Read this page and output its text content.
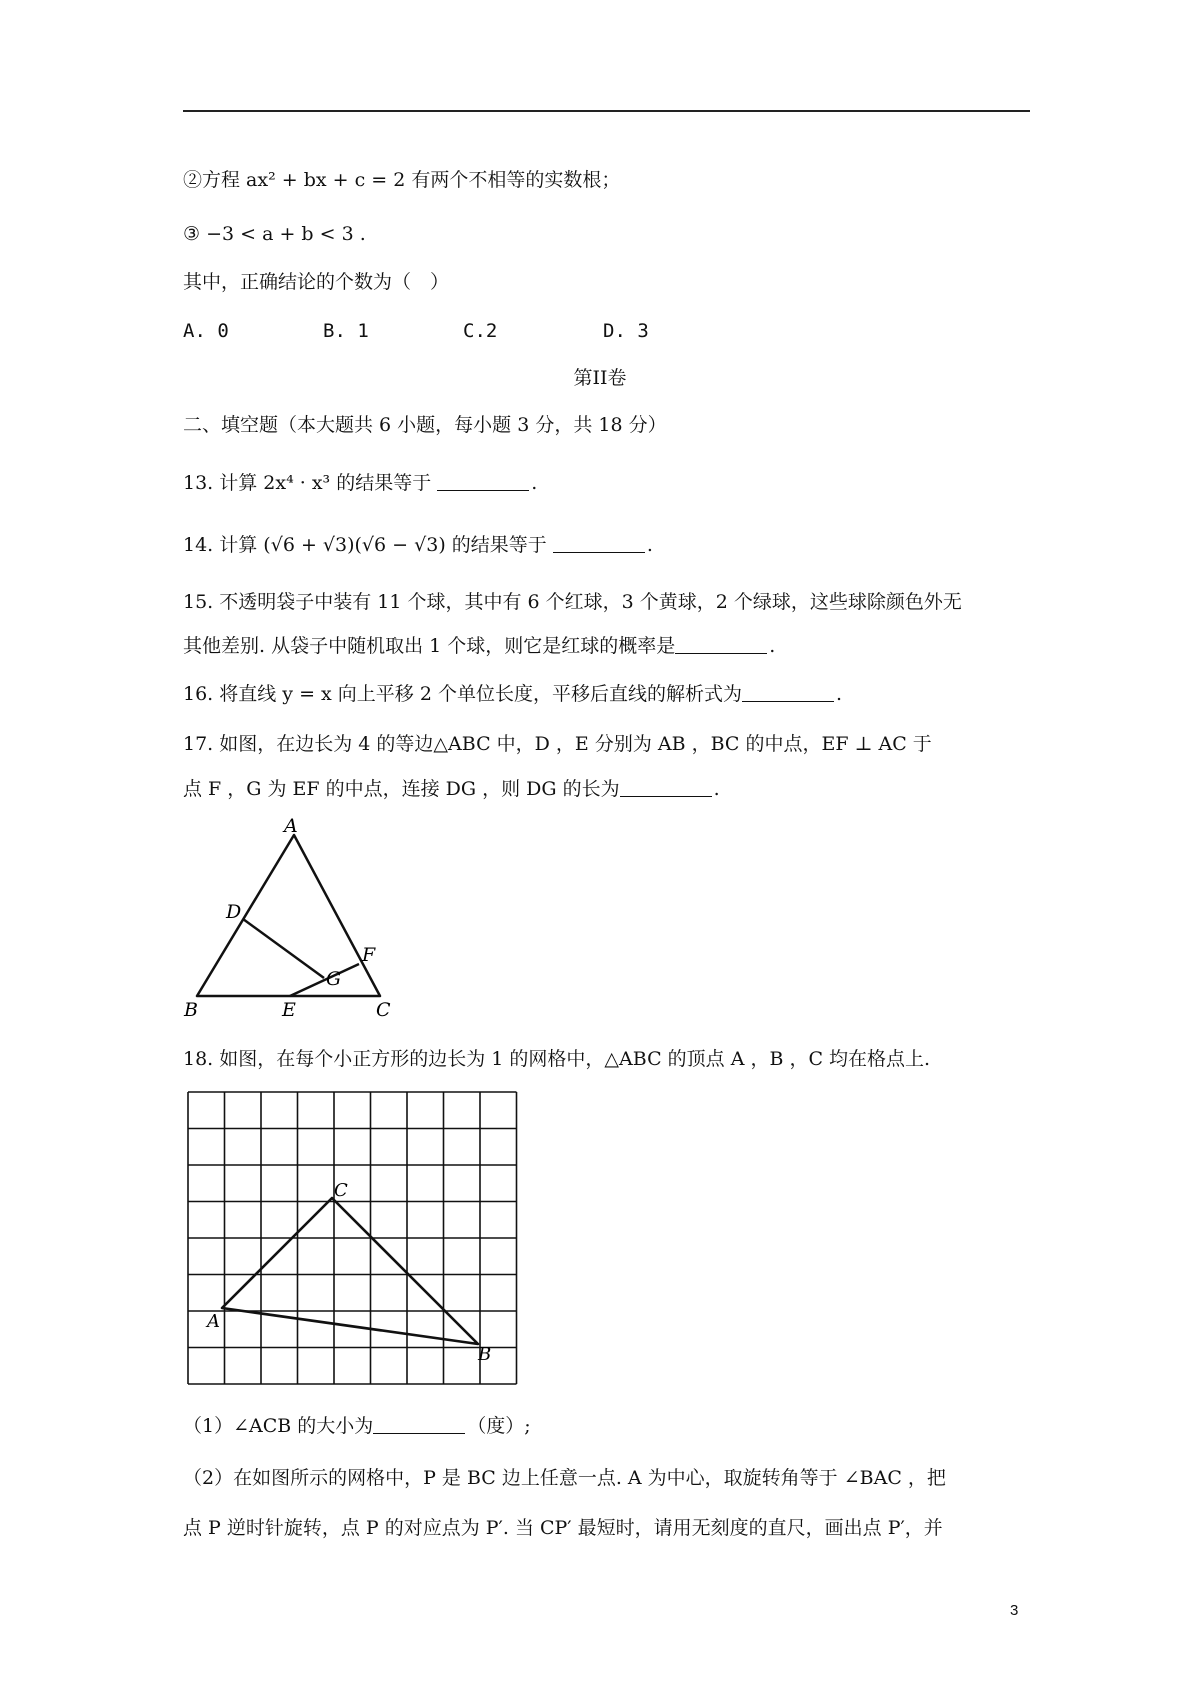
②方程 ax² + bx + c = 2 有两个不相等的实数根；
③ −3 < a + b < 3 .
其中，正确结论的个数为（　）
A. 0	B. 1	C.2	D. 3
第II卷
二、填空题（本大题共 6 小题，每小题 3 分，共 18 分）
13. 计算 2x⁴ · x³ 的结果等于	.
14. 计算 (√6 + √3)(√6 − √3) 的结果等于	.
15. 不透明袋子中装有 11 个球，其中有 6 个红球，3 个黄球，2 个绿球，这些球除颜色外无
其他差别. 从袋子中随机取出 1 个球，则它是红球的概率是	.
16. 将直线 y = x 向上平移 2 个单位长度，平移后直线的解析式为	.
17. 如图，在边长为 4 的等边△ABC 中，D ，E 分别为 AB ，BC 的中点，EF ⊥ AC 于
点 F ，G 为 EF 的中点，连接 DG ，则 DG 的长为	.
A
B	C
D
E
F
G
18. 如图，在每个小正方形的边长为 1 的网格中，△ABC 的顶点 A ，B ，C 均在格点上.
A
B
C
（1）∠ACB 的大小为	（度）;
（2）在如图所示的网格中，P 是 BC 边上任意一点. A 为中心，取旋转角等于 ∠BAC ，把
点 P 逆时针旋转，点 P 的对应点为 P′. 当 CP′ 最短时，请用无刻度的直尺，画出点 P′，并
3
